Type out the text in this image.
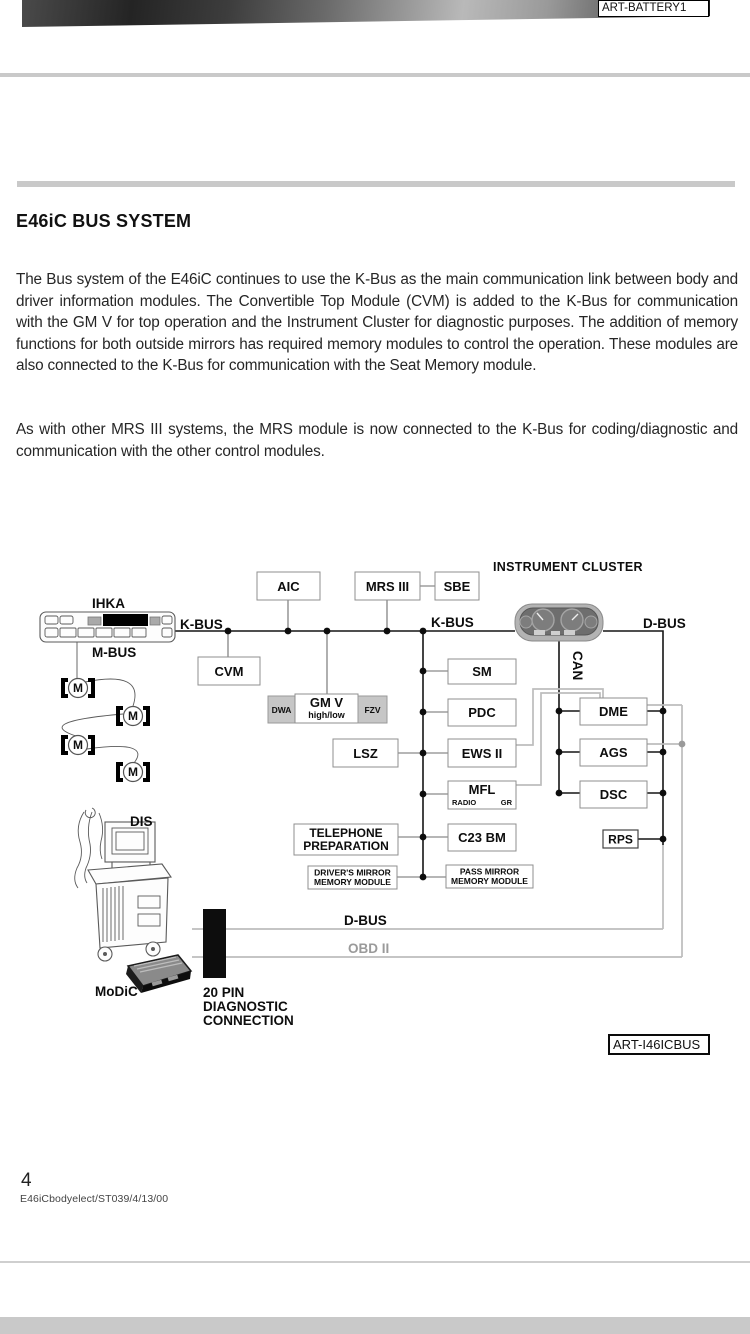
ART-BATTERY1
E46iC BUS SYSTEM
The Bus system of the E46iC continues to use the K-Bus as the main communication link between body and driver information modules. The Convertible Top Module (CVM) is added to the K-Bus for communication with the GM V for top operation and the Instrument Cluster for diagnostic purposes. The addition of memory functions for both outside mirrors has required memory modules to control the operation. These modules are also connected to the K-Bus for communication with the Seat Memory module.
As with other MRS III systems, the MRS module is now connected to the K-Bus for coding/diagnostic and communication with the other control modules.
IHKA
M-BUS
M
M
M
M
INSTRUMENT CLUSTER
K-BUS	K-BUS	D-BUS
CAN
D-BUS
OBD II
AIC	MRS III	SBE
CVM
DWA GM V
high/low FZV
LSZ
SM
PDC
EWS II
MFL
RADIO	GR
TELEPHONE
PREPARATION
C23 BM
DRIVER'S MIRROR
MEMORY MODULE
PASS MIRROR
MEMORY MODULE
DME
AGS
DSC
RPS
DIS
MoDiC	20 PIN
DIAGNOSTIC
CONNECTION
ART-I46ICBUS
4
E46iCbodyelect/ST039/4/13/00
